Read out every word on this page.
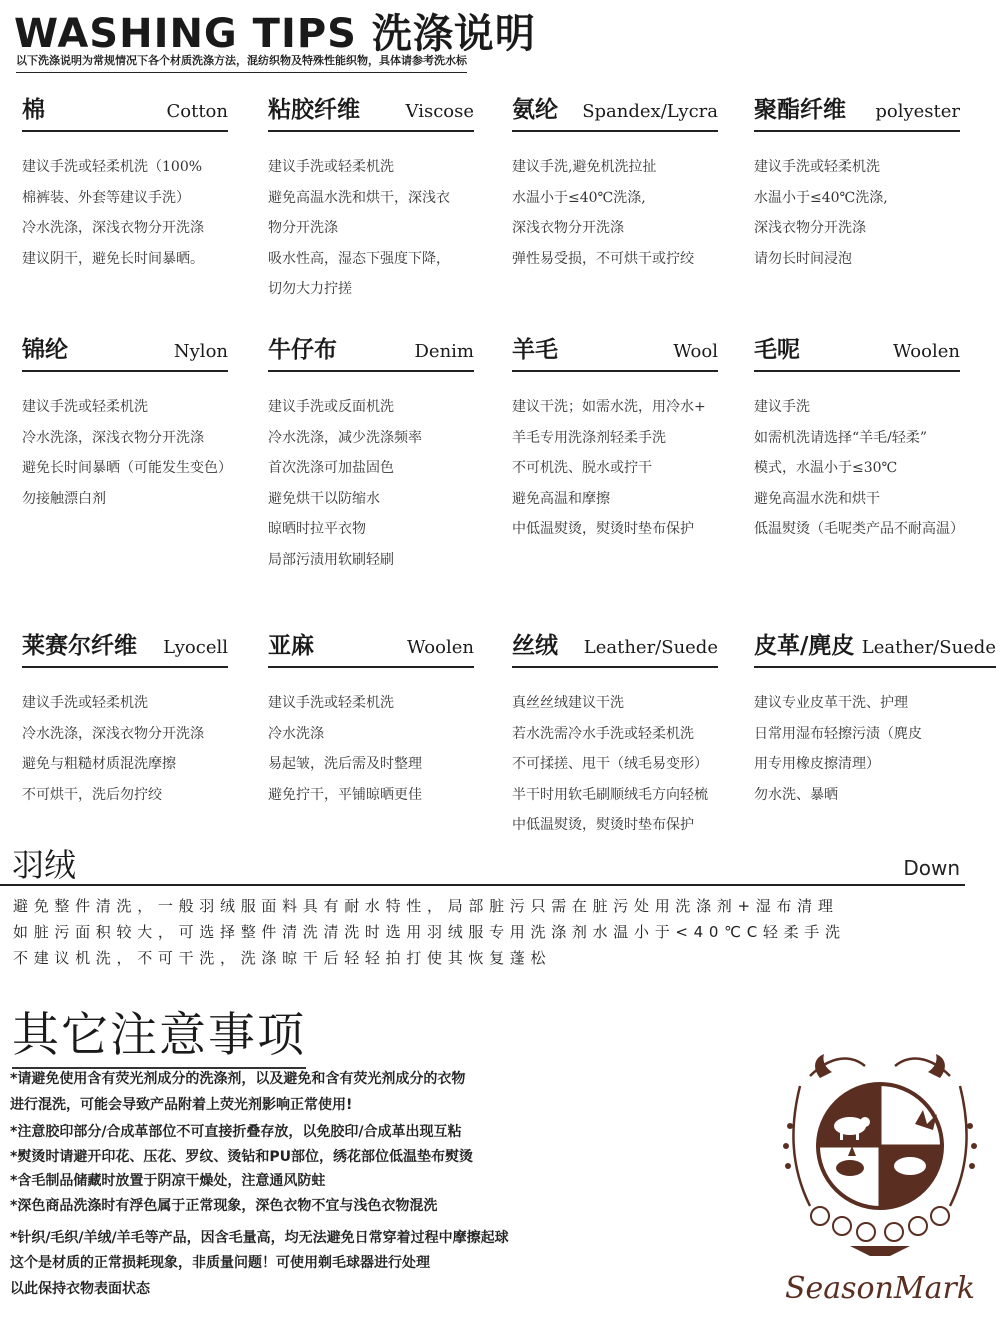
WASHING TIPS 洗涤说明
以下洗涤说明为常规情况下各个材质洗涤方法，混纺织物及特殊性能织物，具体请参考洗水标
棉	Cotton
建议手洗或轻柔机洗（100%
棉裤装、外套等建议手洗）
冷水洗涤，深浅衣物分开洗涤
建议阴干，避免长时间暴晒。
粘胶纤维	Viscose
建议手洗或轻柔机洗
避免高温水洗和烘干，深浅衣
物分开洗涤
吸水性高，湿态下强度下降，
切勿大力拧搓
氨纶 Spandex/Lycra
建议手洗,避免机洗拉扯
水温小于≤40℃洗涤,
深浅衣物分开洗涤
弹性易受损，不可烘干或拧绞
聚酯纤维 polyester
建议手洗或轻柔机洗
水温小于≤40℃洗涤,
深浅衣物分开洗涤
请勿长时间浸泡
锦纶	Nylon
建议手洗或轻柔机洗
冷水洗涤，深浅衣物分开洗涤
避免长时间暴晒（可能发生变色）
勿接触漂白剂
牛仔布	Denim
建议手洗或反面机洗
冷水洗涤，减少洗涤频率
首次洗涤可加盐固色
避免烘干以防缩水
晾晒时拉平衣物
局部污渍用软刷轻刷
羊毛	Wool
建议干洗；如需水洗，用冷水+
羊毛专用洗涤剂轻柔手洗
不可机洗、脱水或拧干
避免高温和摩擦
中低温熨烫，熨烫时垫布保护
毛呢	Woolen
建议手洗
如需机洗请选择“羊毛/轻柔”
模式，水温小于≤30℃
避免高温水洗和烘干
低温熨烫（毛呢类产品不耐高温）
莱赛尔纤维 Lyocell
建议手洗或轻柔机洗
冷水洗涤，深浅衣物分开洗涤
避免与粗糙材质混洗摩擦
不可烘干，洗后勿拧绞
亚麻	Woolen
建议手洗或轻柔机洗
冷水洗涤
易起皱，洗后需及时整理
避免拧干，平铺晾晒更佳
丝绒 Leather/Suede
真丝丝绒建议干洗
若水洗需冷水手洗或轻柔机洗
不可揉搓、甩干（绒毛易变形）
半干时用软毛刷顺绒毛方向轻梳
中低温熨烫，熨烫时垫布保护
皮革/麂皮 Leather/Suede
建议专业皮革干洗、护理
日常用湿布轻擦污渍（麂皮
用专用橡皮擦清理）
勿水洗、暴晒
羽绒	Down
避免整件清洗，一般羽绒服面料具有耐水特性，局部脏污只需在脏污处用洗涤剂+湿布清理
如脏污面积较大，可选择整件清洗清洗时选用羽绒服专用洗涤剂水温小于<40℃C轻柔手洗
不建议机洗，不可干洗，洗涤晾干后轻轻拍打使其恢复蓬松
其它注意事项
*请避免使用含有荧光剂成分的洗涤剂，以及避免和含有荧光剂成分的衣物
进行混洗，可能会导致产品附着上荧光剂影响正常使用!
*注意胶印部分/合成革部位不可直接折叠存放，以免胶印/合成革出现互粘
*熨烫时请避开印花、压花、罗纹、烫钻和PU部位，绣花部位低温垫布熨烫
*含毛制品储藏时放置于阴凉干燥处，注意通风防蛀
*深色商品洗涤时有浮色属于正常现象，深色衣物不宜与浅色衣物混洗
*针织/毛织/羊绒/羊毛等产品，因含毛量高，均无法避免日常穿着过程中摩擦起球
这个是材质的正常损耗现象，非质量问题！可使用剃毛球器进行处理
以此保持衣物表面状态	SeasonMark
